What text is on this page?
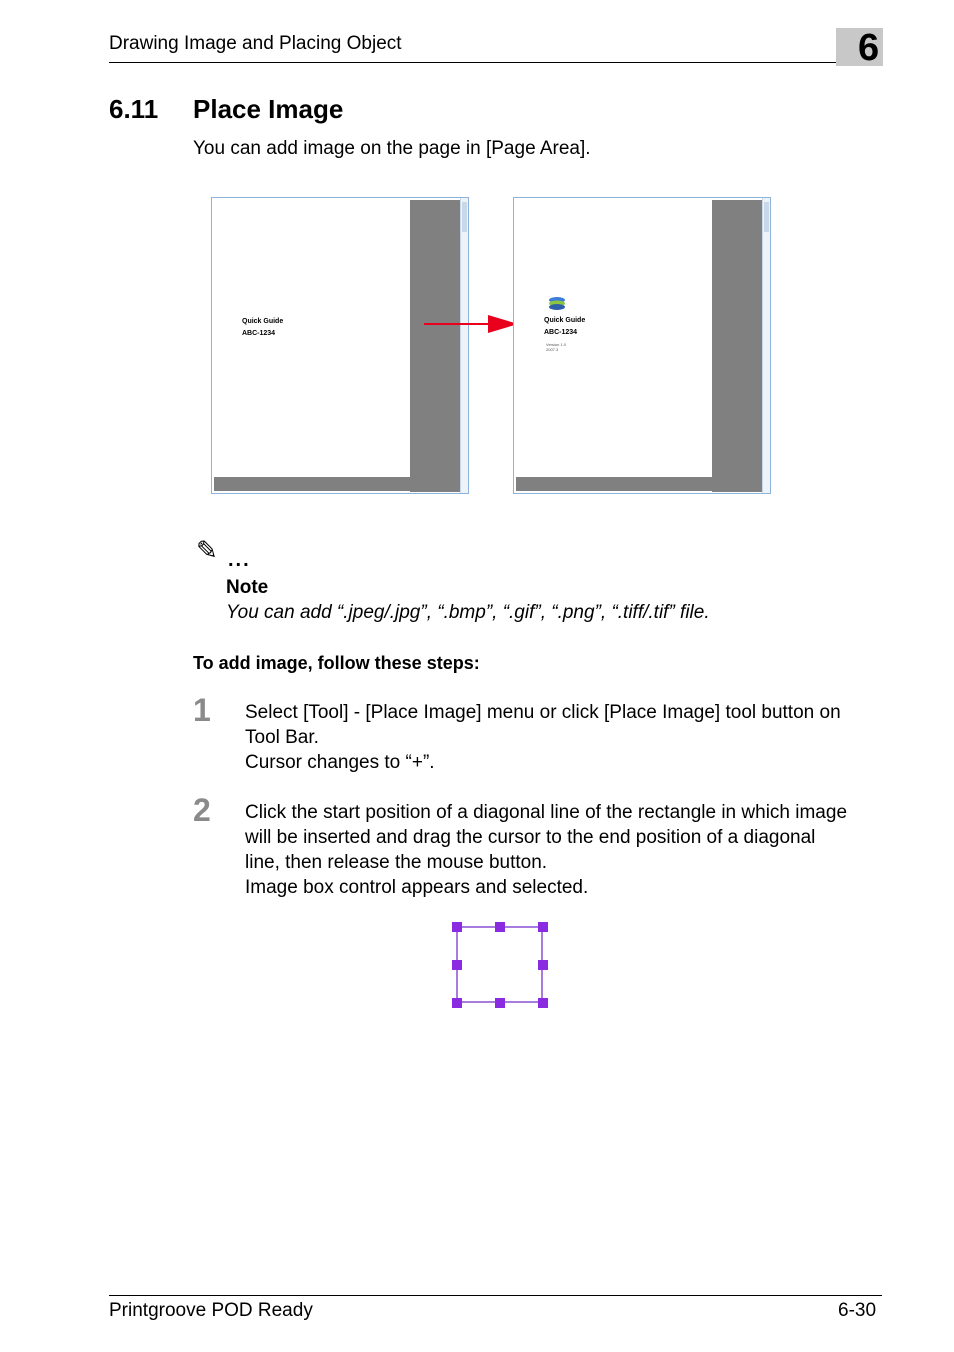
Drawing Image and Placing Object	6
6.11 Place Image
You can add image on the page in [Page Area].
Quick Guide
ABC-1234
Quick Guide
ABC-1234
Version 1.0
2007.3
✎ ...
Note
You can add “.jpeg/.jpg”, “.bmp”, “.gif”, “.png”, “.tiff/.tif” file.
To add image, follow these steps:
1 Select [Tool] - [Place Image] menu or click [Place Image] tool button on
Tool Bar.
Cursor changes to “+”.
2 Click the start position of a diagonal line of the rectangle in which image
will be inserted and drag the cursor to the end position of a diagonal
line, then release the mouse button.
Image box control appears and selected.
Printgroove POD Ready	6-30
